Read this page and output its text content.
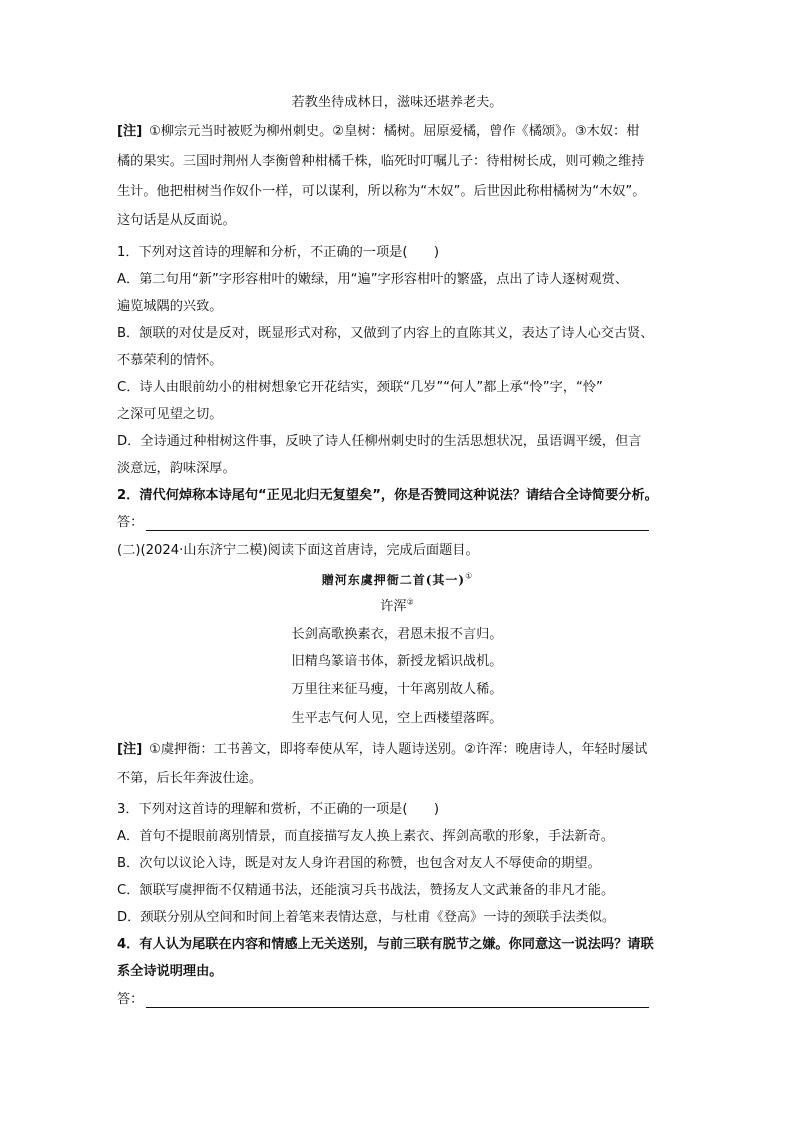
若教坐待成林日，滋味还堪养老夫。
[注] ①柳宗元当时被贬为柳州刺史。②皇树：橘树。屈原爱橘，曾作《橘颂》。③木奴：柑
橘的果实。三国时荆州人李衡曾种柑橘千株，临死时叮嘱儿子：待柑树长成，则可赖之维持
生计。他把柑树当作奴仆一样，可以谋利，所以称为“木奴”。后世因此称柑橘树为“木奴”。
这句话是从反面说。
1．下列对这首诗的理解和分析，不正确的一项是(　　)
A．第二句用“新”字形容柑叶的嫩绿，用“遍”字形容柑叶的繁盛，点出了诗人逐树观赏、
遍览城隅的兴致。
B．颔联的对仗是反对，既显形式对称，又做到了内容上的直陈其义，表达了诗人心交古贤、
不慕荣利的情怀。
C．诗人由眼前幼小的柑树想象它开花结实，颈联“几岁”“何人”都上承“怜”字，“怜”
之深可见望之切。
D．全诗通过种柑树这件事，反映了诗人任柳州刺史时的生活思想状况，虽语调平缓，但言
淡意远，韵味深厚。
2．清代何焯称本诗尾句“正见北归无复望矣”，你是否赞同这种说法？请结合全诗简要分析。
答：
(二)(2024·山东济宁二模)阅读下面这首唐诗，完成后面题目。
贈河东虞押衙二首(其一)①
许浑②
长剑高歌换素衣，君恩未报不言归。
旧精鸟篆谙书体，新授龙韬识战机。
万里往来征马瘦，十年离别故人稀。
生平志气何人见，空上西楼望落晖。
[注] ①虞押衙：工书善文，即将奉使从军，诗人题诗送别。②许浑：晚唐诗人，年轻时屡试
不第，后长年奔波仕途。
3．下列对这首诗的理解和赏析，不正确的一项是(　　)
A．首句不提眼前离别情景，而直接描写友人换上素衣、挥剑高歌的形象，手法新奇。
B．次句以议论入诗，既是对友人身许君国的称赞，也包含对友人不辱使命的期望。
C．颔联写虞押衙不仅精通书法，还能演习兵书战法，赞扬友人文武兼备的非凡才能。
D．颈联分别从空间和时间上着笔来表情达意，与杜甫《登高》一诗的颈联手法类似。
4．有人认为尾联在内容和情感上无关送别，与前三联有脱节之嫌。你同意这一说法吗？请联
系全诗说明理由。
答：
